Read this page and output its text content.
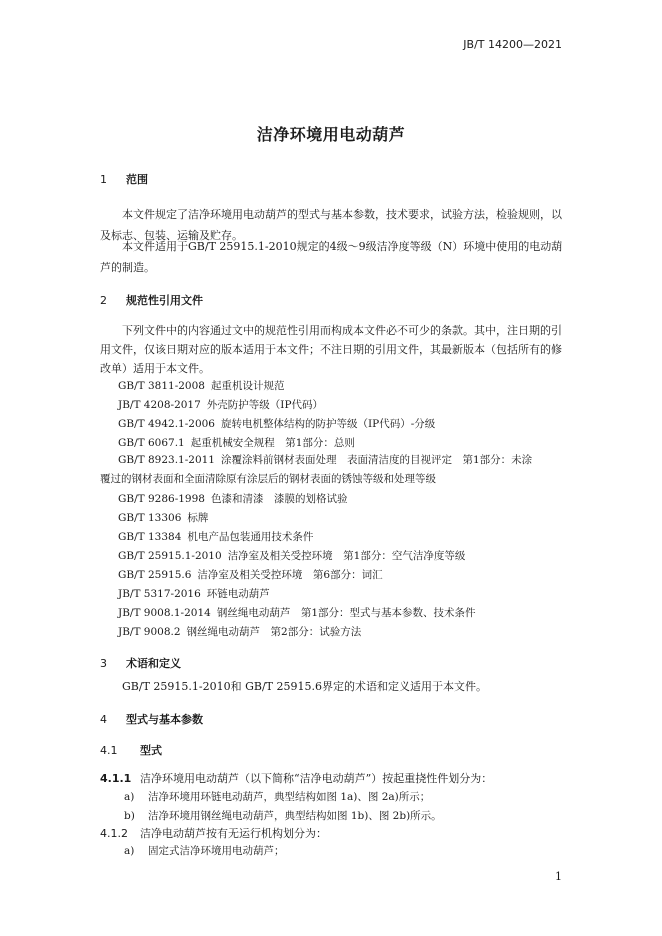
JB/T 14200—2021
洁净环境用电动葫芦
1 范围
本文件规定了洁净环境用电动葫芦的型式与基本参数，技术要求，试验方法，检验规则，以及标志、包装、运输及贮存。
本文件适用于GB/T 25915.1-2010规定的4级～9级洁净度等级（N）环境中使用的电动葫芦的制造。
2 规范性引用文件
下列文件中的内容通过文中的规范性引用而构成本文件必不可少的条款。其中，注日期的引用文件，仅该日期对应的版本适用于本文件；不注日期的引用文件，其最新版本（包括所有的修改单）适用于本文件。
GB/T 3811-2008 起重机设计规范
JB/T 4208-2017 外壳防护等级（IP代码）
GB/T 4942.1-2006 旋转电机整体结构的防护等级（IP代码）-分级
GB/T 6067.1 起重机械安全规程　第1部分：总则
GB/T 8923.1-2011 涂覆涂料前钢材表面处理　表面清洁度的目视评定　第1部分：未涂
覆过的钢材表面和全面清除原有涂层后的钢材表面的锈蚀等级和处理等级
GB/T 9286-1998 色漆和清漆　漆膜的划格试验
GB/T 13306 标牌
GB/T 13384 机电产品包装通用技术条件
GB/T 25915.1-2010 洁净室及相关受控环境　第1部分：空气洁净度等级
GB/T 25915.6 洁净室及相关受控环境　第6部分：词汇
JB/T 5317-2016 环链电动葫芦
JB/T 9008.1-2014 钢丝绳电动葫芦　第1部分：型式与基本参数、技术条件
JB/T 9008.2 钢丝绳电动葫芦　第2部分：试验方法
3 术语和定义
GB/T 25915.1-2010和 GB/T 25915.6界定的术语和定义适用于本文件。
4 型式与基本参数
4.1 型式
4.1.1 洁净环境用电动葫芦（以下简称“洁净电动葫芦”）按起重挠性件划分为：
a) 洁净环境用环链电动葫芦，典型结构如图 1a)、图 2a)所示；
b) 洁净环境用钢丝绳电动葫芦，典型结构如图 1b)、图 2b)所示。
4.1.2 洁净电动葫芦按有无运行机构划分为：
a) 固定式洁净环境用电动葫芦；
1
